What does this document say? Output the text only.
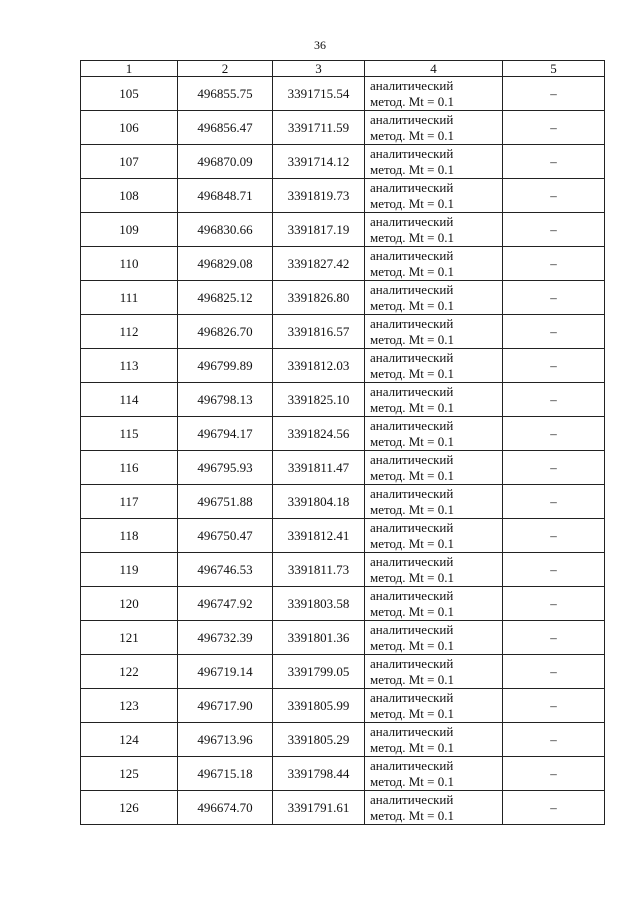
36
1	2	3	4	5
105	496855.75	3391715.54	аналитический
метод. Mt = 0.1	–
106	496856.47	3391711.59	аналитический
метод. Mt = 0.1	–
107	496870.09	3391714.12	аналитический
метод. Mt = 0.1	–
108	496848.71	3391819.73	аналитический
метод. Mt = 0.1	–
109	496830.66	3391817.19	аналитический
метод. Mt = 0.1	–
110	496829.08	3391827.42	аналитический
метод. Mt = 0.1	–
111	496825.12	3391826.80	аналитический
метод. Mt = 0.1	–
112	496826.70	3391816.57	аналитический
метод. Mt = 0.1	–
113	496799.89	3391812.03	аналитический
метод. Mt = 0.1	–
114	496798.13	3391825.10	аналитический
метод. Mt = 0.1	–
115	496794.17	3391824.56	аналитический
метод. Mt = 0.1	–
116	496795.93	3391811.47	аналитический
метод. Mt = 0.1	–
117	496751.88	3391804.18	аналитический
метод. Mt = 0.1	–
118	496750.47	3391812.41	аналитический
метод. Mt = 0.1	–
119	496746.53	3391811.73	аналитический
метод. Mt = 0.1	–
120	496747.92	3391803.58	аналитический
метод. Mt = 0.1	–
121	496732.39	3391801.36	аналитический
метод. Mt = 0.1	–
122	496719.14	3391799.05	аналитический
метод. Mt = 0.1	–
123	496717.90	3391805.99	аналитический
метод. Mt = 0.1	–
124	496713.96	3391805.29	аналитический
метод. Mt = 0.1	–
125	496715.18	3391798.44	аналитический
метод. Mt = 0.1	–
126	496674.70	3391791.61	аналитический
метод. Mt = 0.1	–
